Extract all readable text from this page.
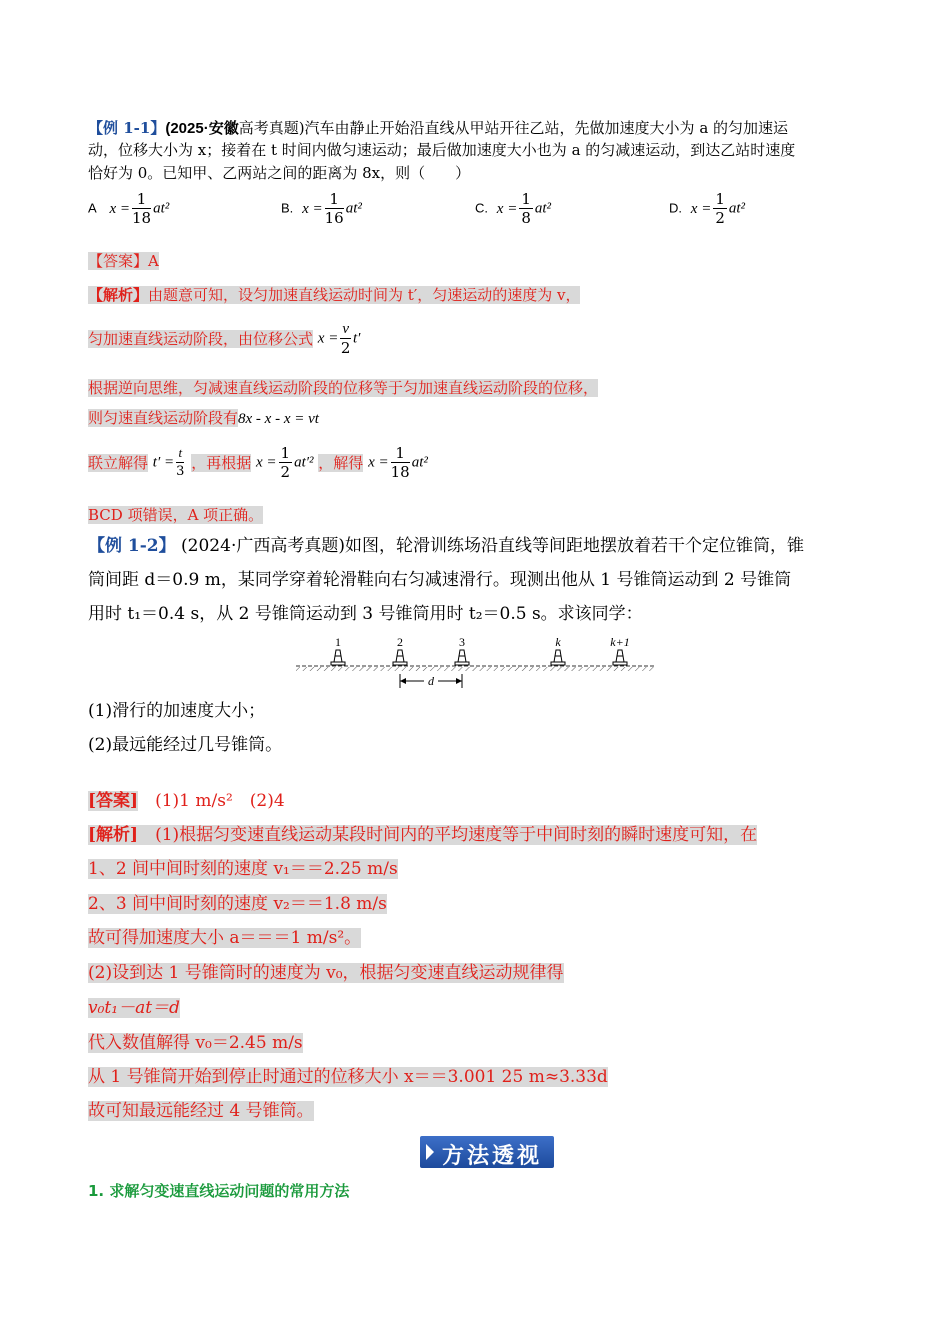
【例 1-1】(2025·安徽高考真题)汽车由静止开始沿直线从甲站开往乙站，先做加速度大小为 a 的匀加速运
动，位移大小为 x；接着在 t 时间内做匀速运动；最后做加速度大小也为 a 的匀减速运动，到达乙站时速度
恰好为 0。已知甲、乙两站之间的距离为 8x，则（　　）
A $x = \frac{1}{18} at^2$	B. $x = \frac{1}{16} at^2$	C. $x = \frac{1}{8} at^2$	D. $x = \frac{1}{2} at^2$
【答案】A
【解析】由题意可知，设匀加速直线运动时间为 t′，匀速运动的速度为 v，
匀加速直线运动阶段，由位移公式 $x = \frac{v}{2} t'$
根据逆向思维，匀减速直线运动阶段的位移等于匀加速直线运动阶段的位移，
则匀速直线运动阶段有8x - x - x = vt
联立解得 $t' = \frac{t}{3}$ ，再根据 $x = \frac{1}{2} at'^2$ ，解得 $x = \frac{1}{18} at^2$
BCD 项错误，A 项正确。
【例 1-2】 (2024·广西高考真题)如图，轮滑训练场沿直线等间距地摆放着若干个定位锥筒，锥
筒间距 d＝0.9 m，某同学穿着轮滑鞋向右匀减速滑行。现测出他从 1 号锥筒运动到 2 号锥筒
用时 t₁＝0.4 s，从 2 号锥筒运动到 3 号锥筒用时 t₂＝0.5 s。求该同学：
1	2	3	k	k+1
d
(1)滑行的加速度大小；
(2)最远能经过几号锥筒。
[答案]　(1)1 m/s²　(2)4
[解析]　(1)根据匀变速直线运动某段时间内的平均速度等于中间时刻的瞬时速度可知，在
1、2 间中间时刻的速度 v₁＝＝2.25 m/s
2、3 间中间时刻的速度 v₂＝＝1.8 m/s
故可得加速度大小 a＝＝＝1 m/s²。
(2)设到达 1 号锥筒时的速度为 v₀，根据匀变速直线运动规律得
v₀t₁－at＝d
代入数值解得 v₀＝2.45 m/s
从 1 号锥筒开始到停止时通过的位移大小 x＝＝3.001 25 m≈3.33d
故可知最远能经过 4 号锥筒。
方法透视
1. 求解匀变速直线运动问题的常用方法
